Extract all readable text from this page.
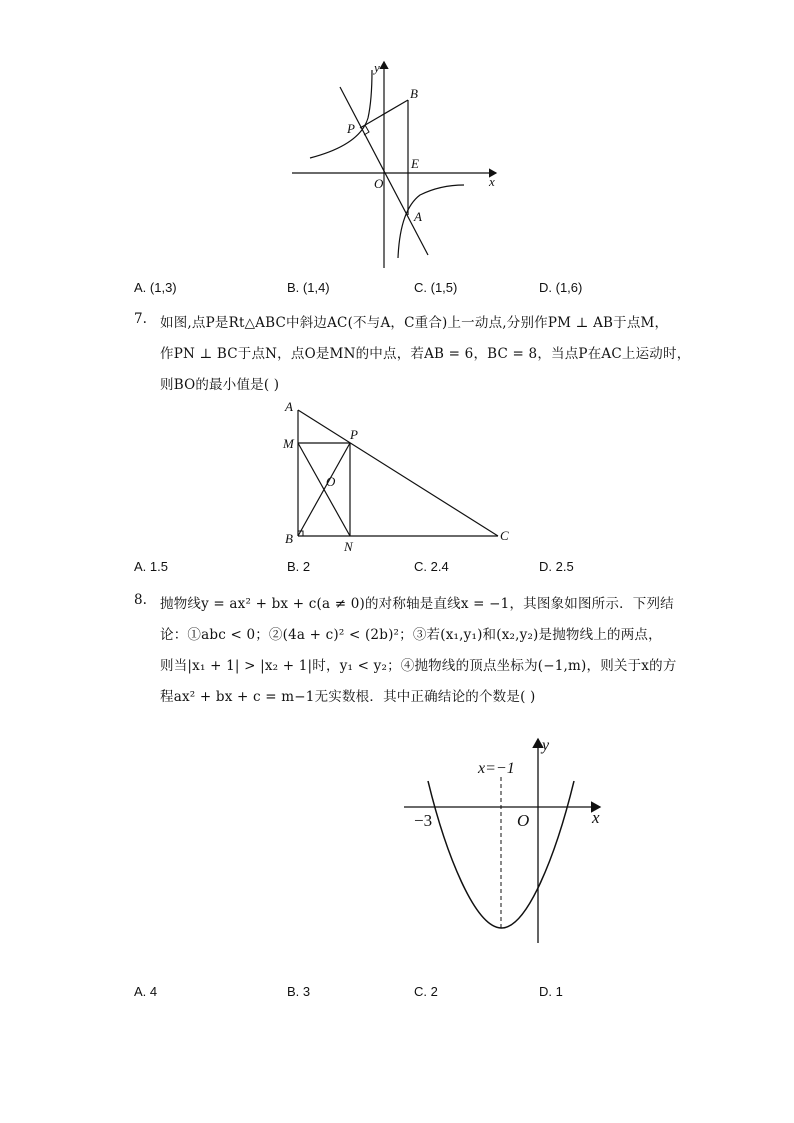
y
x
O
B
P
E
A
A. (1,3)	B. (1,4)	C. (1,5)	D. (1,6)
7. 如图,点P是Rt△ABC中斜边AC(不与A，C重合)上一动点,分别作PM ⊥ AB于点M，
作PN ⊥ BC于点N，点O是MN的中点，若AB = 6，BC = 8，当点P在AC上运动时，
则BO的最小值是( )
A
M
P
O
B
N
C
A. 1.5	B. 2	C. 2.4	D. 2.5
8. 抛物线y = ax² + bx + c(a ≠ 0)的对称轴是直线x = −1，其图象如图所示．下列结
论：①abc < 0；②(4a + c)² < (2b)²；③若(x₁,y₁)和(x₂,y₂)是抛物线上的两点，
则当|x₁ + 1| > |x₂ + 1|时，y₁ < y₂；④抛物线的顶点坐标为(−1,m)，则关于x的方
程ax² + bx + c = m−1无实数根．其中正确结论的个数是( )
x=−1
y
x
O
−3
A. 4	B. 3	C. 2	D. 1
